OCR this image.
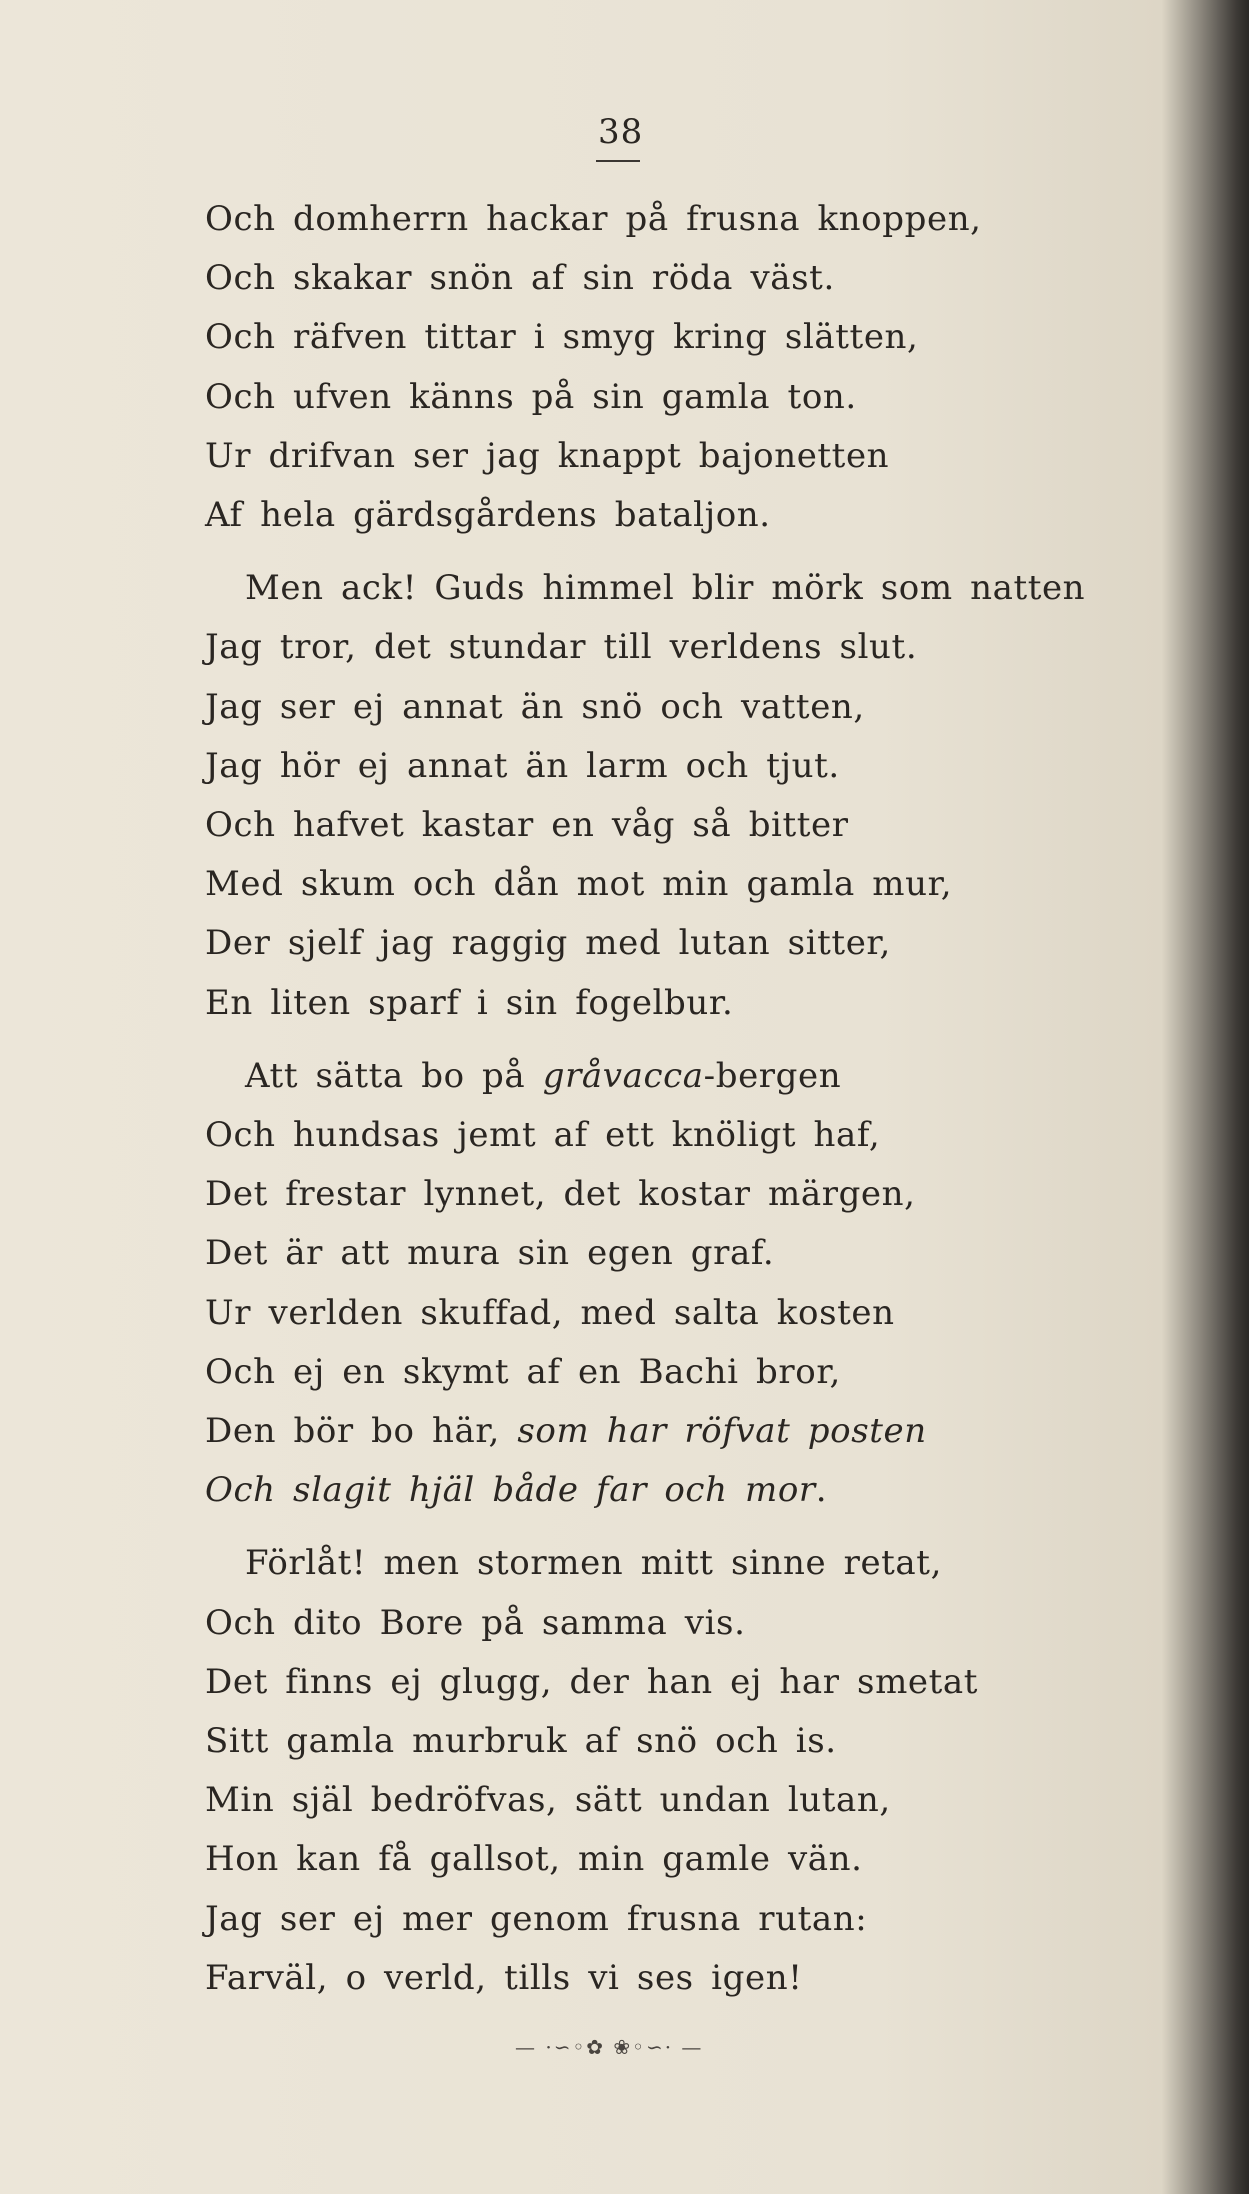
38
Och domherrn hackar på frusna knoppen,
Och skakar snön af sin röda väst.
Och räfven tittar i smyg kring slätten,
Och ufven känns på sin gamla ton.
Ur drifvan ser jag knappt bajonetten
Af hela gärdsgårdens bataljon.
Men ack! Guds himmel blir mörk som natten
Jag tror, det stundar till verldens slut.
Jag ser ej annat än snö och vatten,
Jag hör ej annat än larm och tjut.
Och hafvet kastar en våg så bitter
Med skum och dån mot min gamla mur,
Der sjelf jag raggig med lutan sitter,
En liten sparf i sin fogelbur.
Att sätta bo på gråvacca-bergen
Och hundsas jemt af ett knöligt haf,
Det frestar lynnet, det kostar märgen,
Det är att mura sin egen graf.
Ur verlden skuffad, med salta kosten
Och ej en skymt af en Bachi bror,
Den bör bo här, som har röfvat posten
Och slagit hjäl både far och mor.
Förlåt! men stormen mitt sinne retat,
Och dito Bore på samma vis.
Det finns ej glugg, der han ej har smetat
Sitt gamla murbruk af snö och is.
Min själ bedröfvas, sätt undan lutan,
Hon kan få gallsot, min gamle vän.
Jag ser ej mer genom frusna rutan:
Farväl, o verld, tills vi ses igen!
— ·∽◦✿ ❀◦∽· —
